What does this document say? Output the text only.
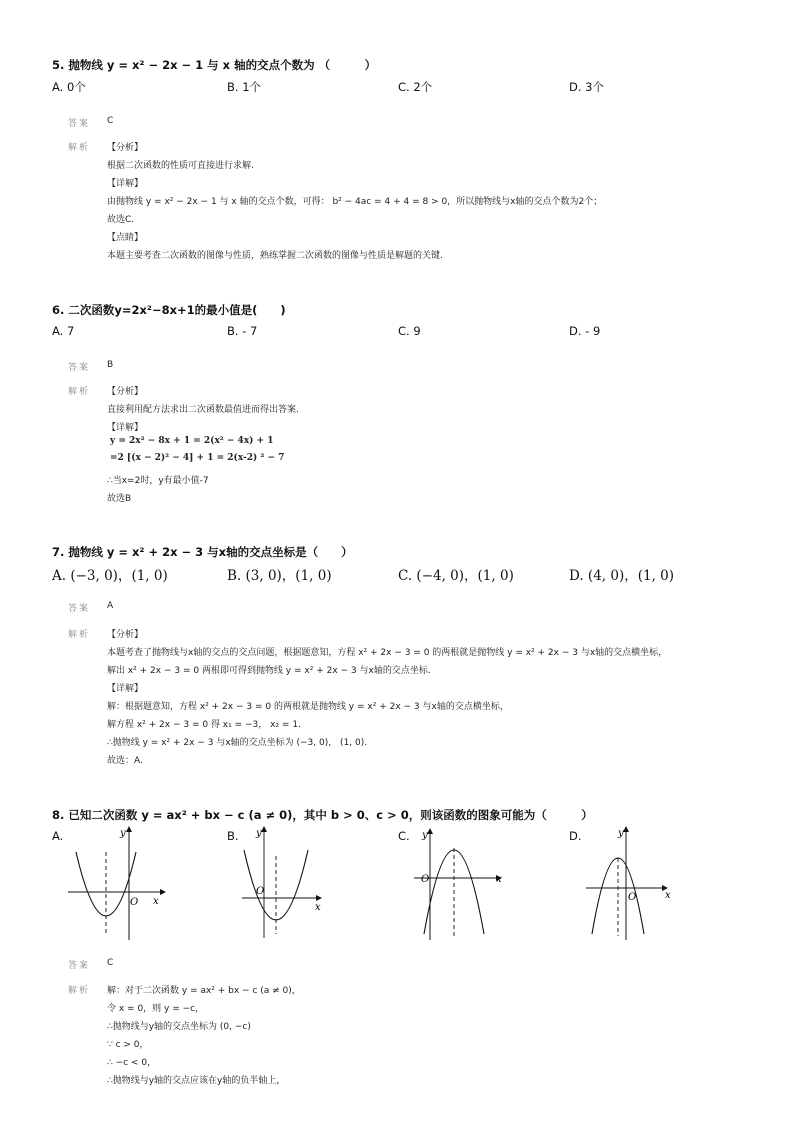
5. 抛物线 y = x² − 2x − 1 与 x 轴的交点个数为 （　　　）
A. 0个	B. 1个	C. 2个	D. 3个
答案 C
解析 【分析】
根据二次函数的性质可直接进行求解.
【详解】
由抛物线 y = x² − 2x − 1 与 x 轴的交点个数，可得： b² − 4ac = 4 + 4 = 8 > 0，所以抛物线与x轴的交点个数为2个；
故选C.
【点睛】
本题主要考查二次函数的图像与性质，熟练掌握二次函数的图像与性质是解题的关键.
6. 二次函数y=2x²−8x+1的最小值是(　　)
A. 7	B. - 7	C. 9	D. - 9
答案 B
解析 【分析】
直接利用配方法求出二次函数最值进而得出答案.
【详解】
y = 2x² − 8x + 1 = 2(x² − 4x) + 1
=2 [(x − 2)² − 4] + 1 = 2(x-2) ² − 7
∴当x=2时，y有最小值-7
故选B
7. 抛物线 y = x² + 2x − 3 与x轴的交点坐标是（　　）
A. (−3, 0)，(1, 0)	B. (3, 0)，(1, 0)	C. (−4, 0)，(1, 0)	D. (4, 0)，(1, 0)
答案 A
解析 【分析】
本题考查了抛物线与x轴的交点的交点问题，根据题意知，方程 x² + 2x − 3 = 0 的两根就是抛物线 y = x² + 2x − 3 与x轴的交点横坐标，
解出 x² + 2x − 3 = 0 两根即可得到抛物线 y = x² + 2x − 3 与x轴的交点坐标.
【详解】
解：根据题意知，方程 x² + 2x − 3 = 0 的两根就是抛物线 y = x² + 2x − 3 与x轴的交点横坐标，
解方程 x² + 2x − 3 = 0 得 x₁ = −3， x₂ = 1.
∴抛物线 y = x² + 2x − 3 与x轴的交点坐标为 (−3, 0)， (1, 0).
故选：A.
8. 已知二次函数 y = ax² + bx − c (a ≠ 0)，其中 b > 0、c > 0，则该函数的图象可能为（　　　）
A.	B.	C.	D.
y
x
O
y
x
O
y
x
O
y
x
O
答案 C
解析 解：对于二次函数 y = ax² + bx − c (a ≠ 0)，
令 x = 0，则 y = −c，
∴抛物线与y轴的交点坐标为 (0, −c)
∵ c > 0，
∴ −c < 0，
∴抛物线与y轴的交点应该在y轴的负半轴上，
